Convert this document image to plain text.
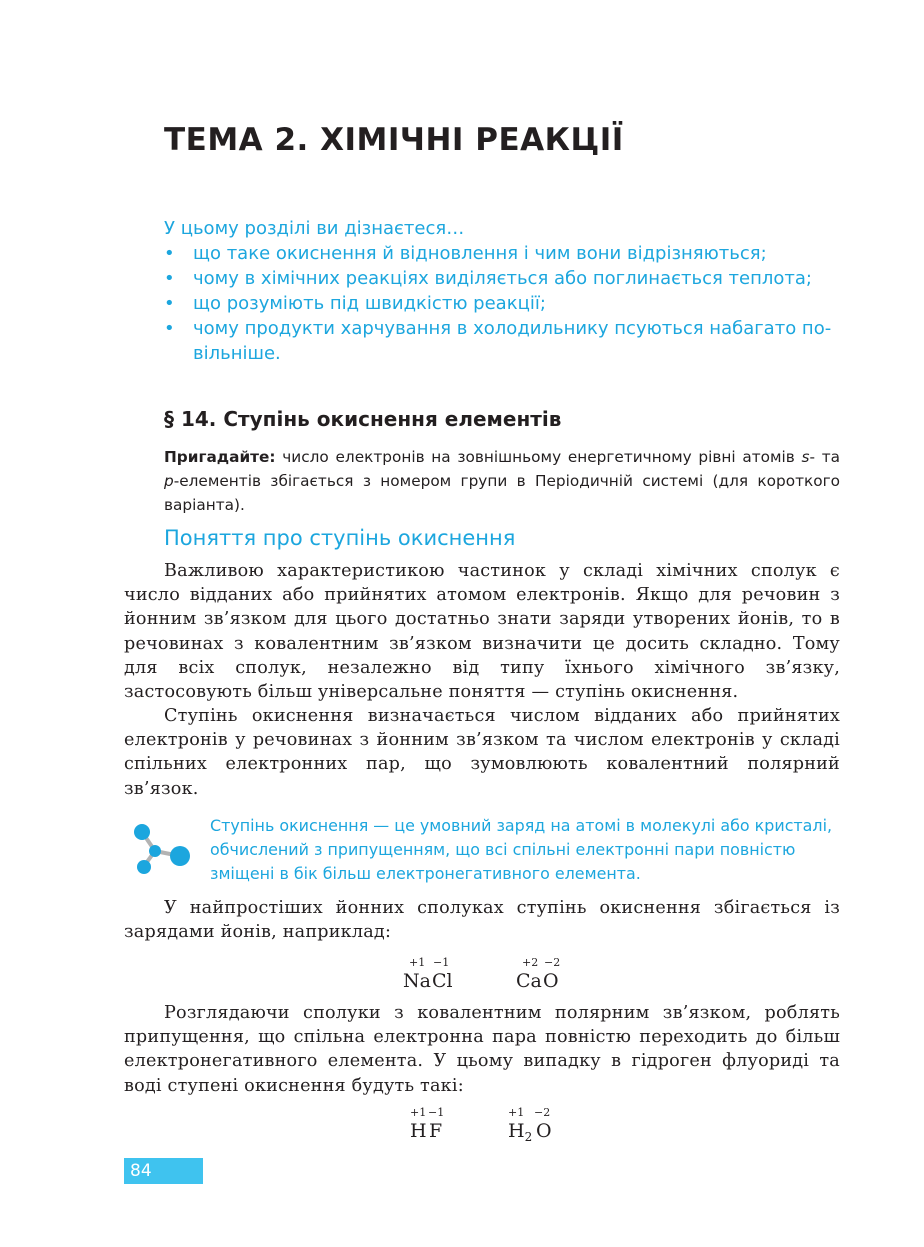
ТЕМА 2. ХІМІЧНІ РЕАКЦІЇ

У цьому розділі ви дізнаєтеся…

• що таке окиснення й відновлення і чим вони відрізняються;
• чому в хімічних реакціях виділяється або поглинається теплота;
• що розуміють під швидкістю реакції;
• чому продукти харчування в холодильнику псуються набагато повільніше.
§ 14. Ступінь окиснення елементів

Пригадайте: число електронів на зовнішньому енергетичному рівні атомів s- та p-елементів збігається з номером групи в Періодичній системі (для короткого варіанта).

Поняття про ступінь окиснення

Важливою характеристикою частинок у складі хімічних сполук є число відданих або прийнятих атомом електронів. Якщо для речовин з йонним зв’язком для цього достатньо знати заряди утворених йонів, то в речовинах з ковалентним зв’язком визначити це досить складно. Тому для всіх сполук, незалежно від типу їхнього хімічного зв’язку, застосовують більш універсальне поняття — ступінь окиснення.

Ступінь окиснення визначається числом відданих або прийнятих електронів у речовинах з йонним зв’язком та числом електронів у складі спільних електронних пар, що зумовлюють ковалентний полярний зв’язок.

Ступінь окиснення — це умовний заряд на атомі в молекулі або кристалі, обчислений з припущенням, що всі спільні електронні пари повністю зміщені в бік більш електронегативного елемента.

У найпростіших йонних сполуках ступінь окиснення збігається із зарядами йонів, наприклад:

+1 −1
Na Cl
+2 −2
Ca O

Розглядаючи сполуки з ковалентним полярним зв’язком, роблять припущення, що спільна електронна пара повністю переходить до більш електронегативного елемента. У цьому випадку в гідроген флуориді та воді ступені окиснення будуть такі:

+1 −1
H F
+1 −2
$H_2$ O
84
